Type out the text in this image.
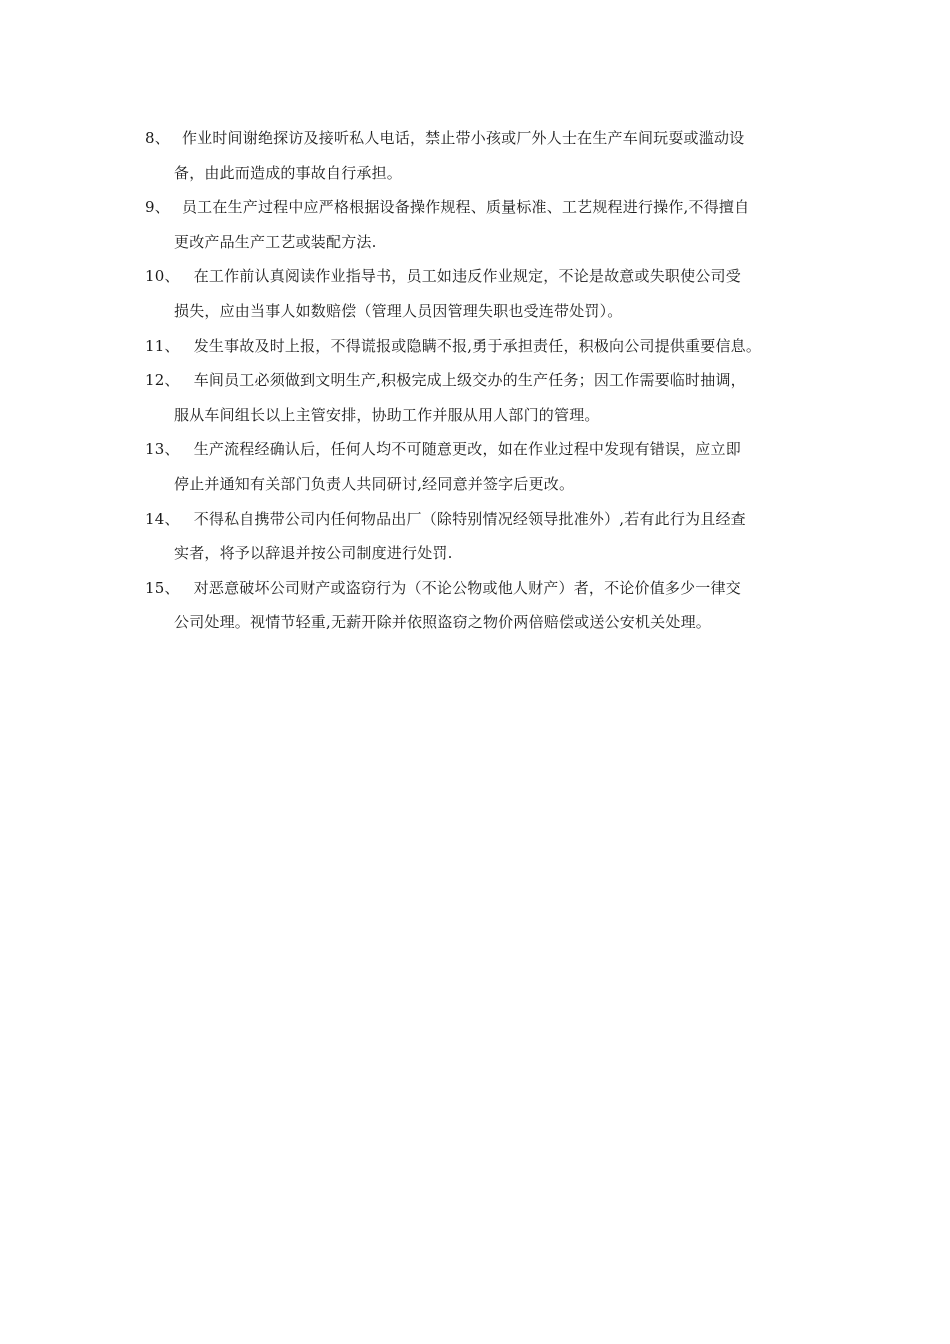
8、 作业时间谢绝探访及接听私人电话，禁止带小孩或厂外人士在生产车间玩耍或滥动设
备，由此而造成的事故自行承担。
9、 员工在生产过程中应严格根据设备操作规程、质量标准、工艺规程进行操作,不得擅自
更改产品生产工艺或装配方法.
10、 在工作前认真阅读作业指导书，员工如违反作业规定，不论是故意或失职使公司受
损失，应由当事人如数赔偿（管理人员因管理失职也受连带处罚）。
11、 发生事故及时上报，不得谎报或隐瞒不报,勇于承担责任，积极向公司提供重要信息。
12、 车间员工必须做到文明生产,积极完成上级交办的生产任务；因工作需要临时抽调，
服从车间组长以上主管安排，协助工作并服从用人部门的管理。
13、 生产流程经确认后，任何人均不可随意更改，如在作业过程中发现有错误，应立即
停止并通知有关部门负责人共同研讨,经同意并签字后更改。
14、 不得私自携带公司内任何物品出厂（除特别情况经领导批准外）,若有此行为且经查
实者，将予以辞退并按公司制度进行处罚.
15、 对恶意破坏公司财产或盗窃行为（不论公物或他人财产）者，不论价值多少一律交
公司处理。视情节轻重,无薪开除并依照盗窃之物价两倍赔偿或送公安机关处理。
